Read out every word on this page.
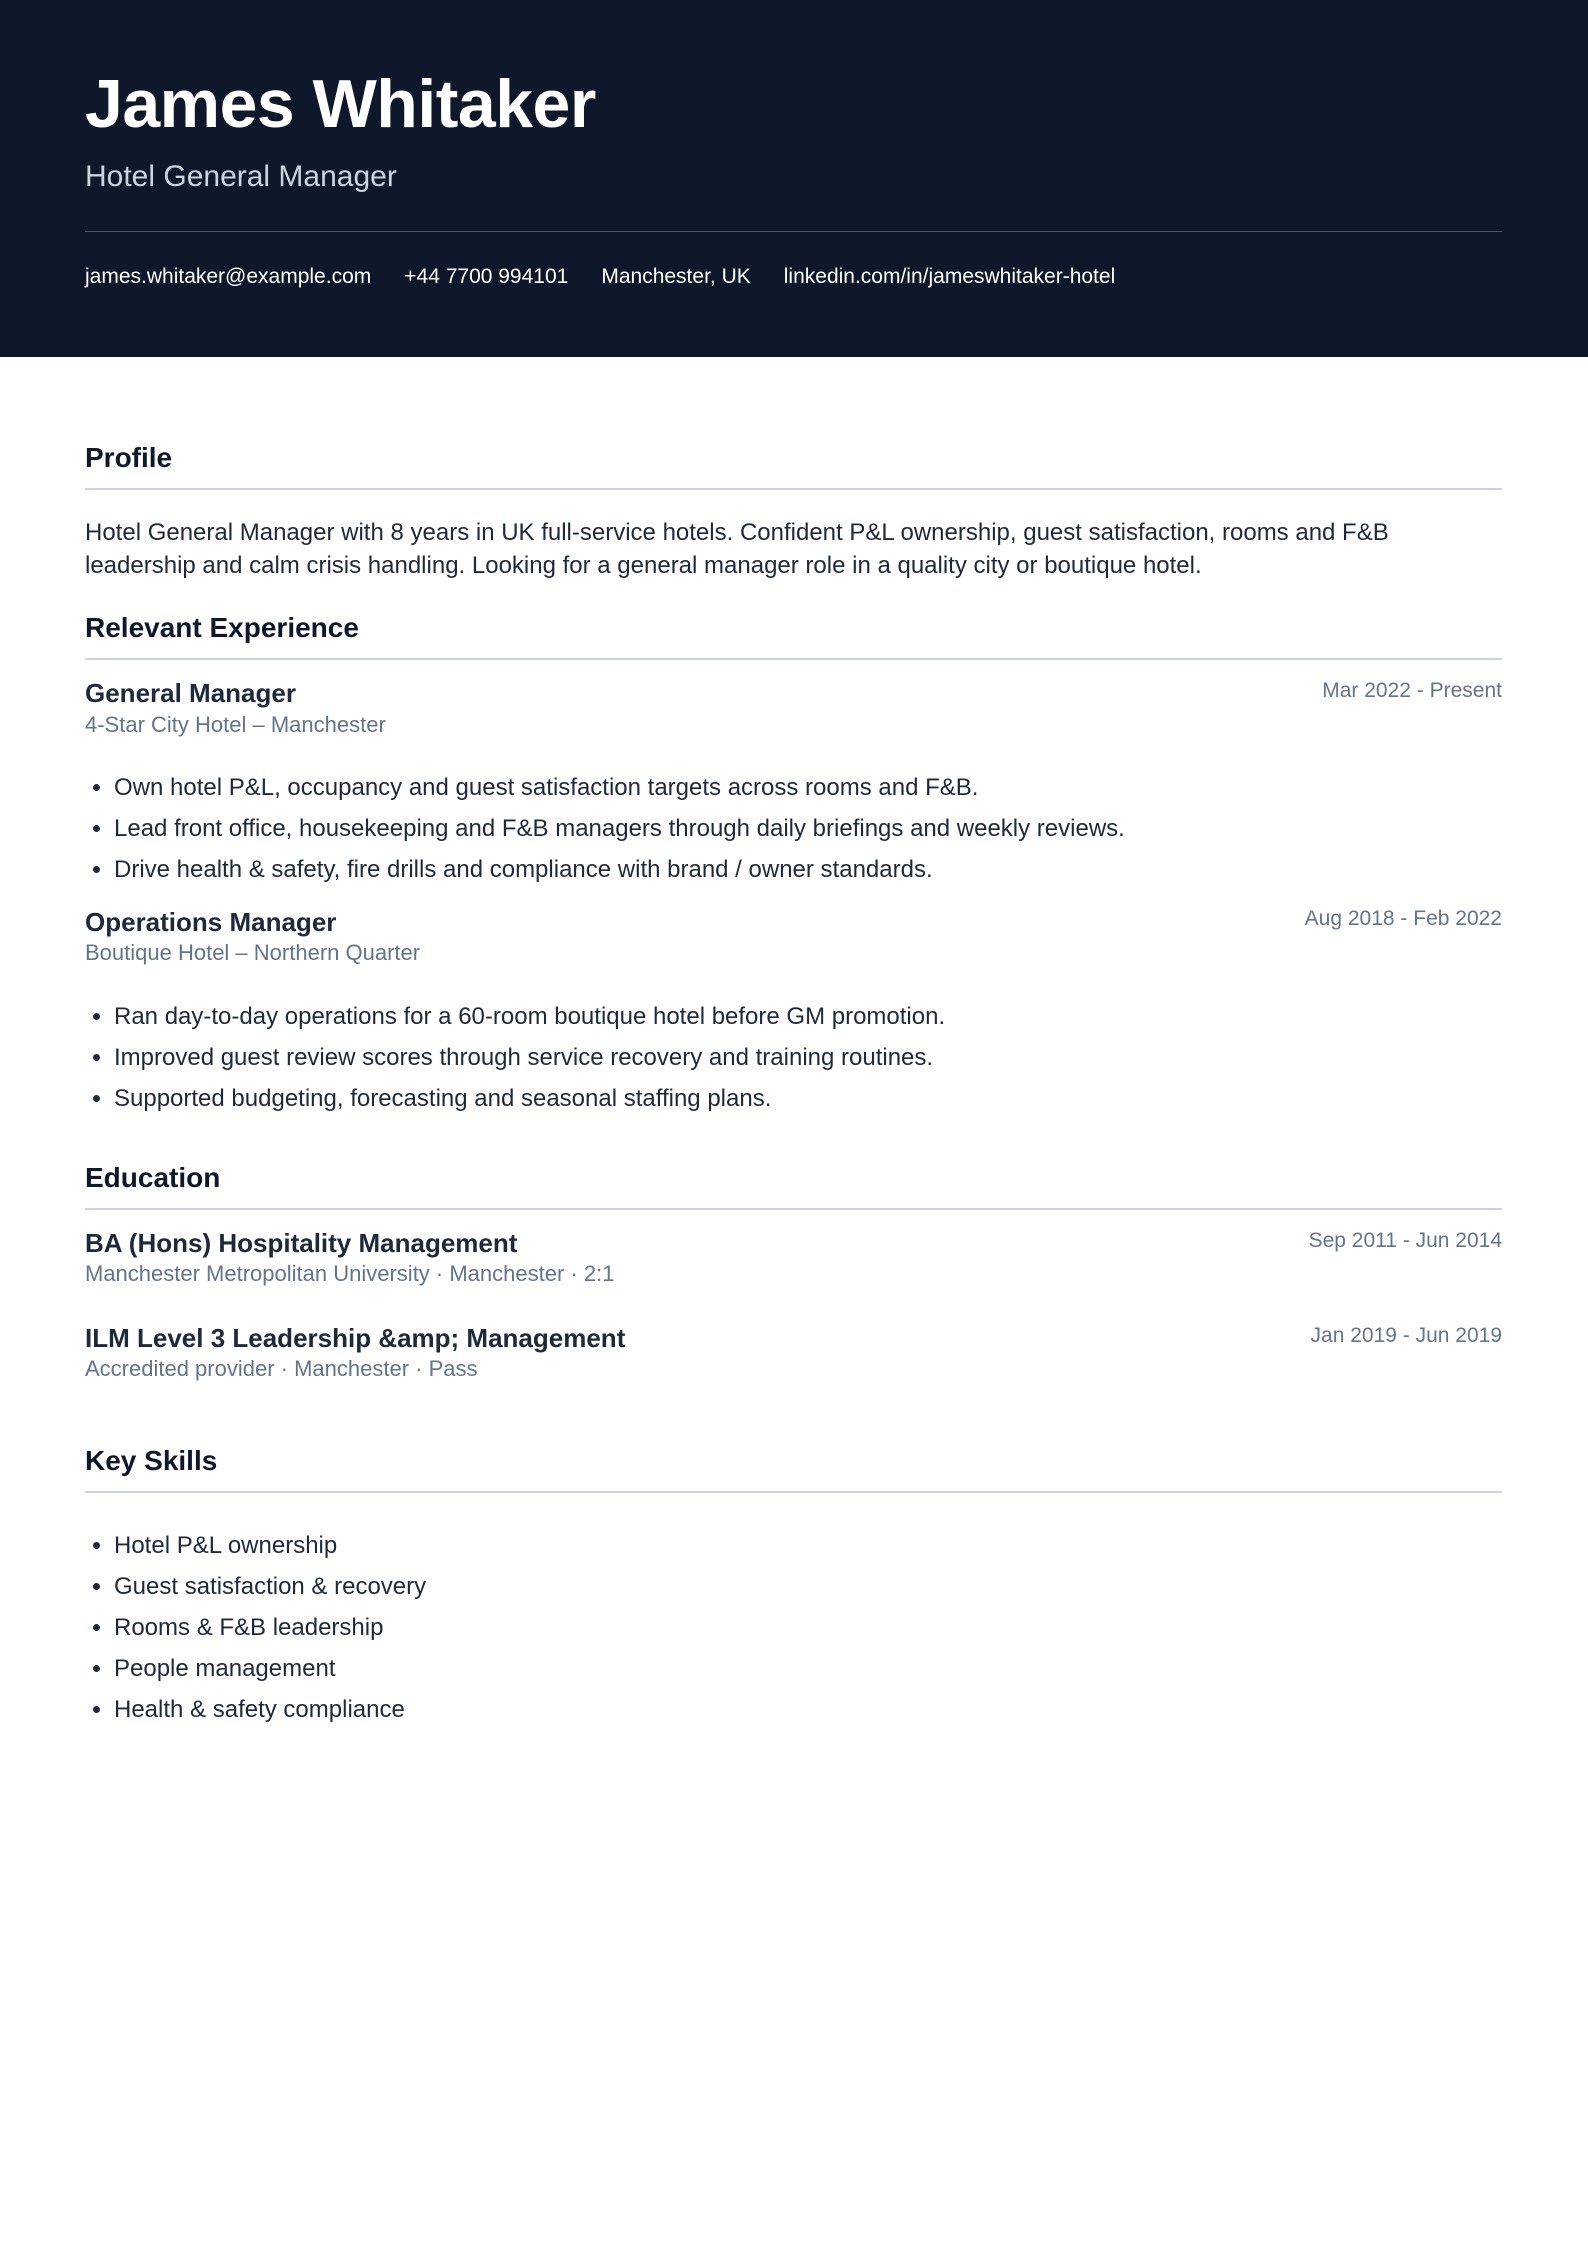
James Whitaker
Hotel General Manager
james.whitaker@example.com +44 7700 994101 Manchester, UK linkedin.com/in/jameswhitaker-hotel
Profile

Hotel General Manager with 8 years in UK full-service hotels. Confident P&L ownership, guest satisfaction, rooms and F&B leadership and calm crisis handling. Looking for a general manager role in a quality city or boutique hotel.

Relevant Experience
General Manager	Mar 2022 - Present
4-Star City Hotel – Manchester
• Own hotel P&L, occupancy and guest satisfaction targets across rooms and F&B.
• Lead front office, housekeeping and F&B managers through daily briefings and weekly reviews.
• Drive health & safety, fire drills and compliance with brand / owner standards.
Operations Manager	Aug 2018 - Feb 2022
Boutique Hotel – Northern Quarter
• Ran day-to-day operations for a 60-room boutique hotel before GM promotion.
• Improved guest review scores through service recovery and training routines.
• Supported budgeting, forecasting and seasonal staffing plans.
Education
BA (Hons) Hospitality Management	Sep 2011 - Jun 2014
Manchester Metropolitan University · Manchester · 2:1
ILM Level 3 Leadership &amp; Management	Jan 2019 - Jun 2019
Accredited provider · Manchester · Pass
Key Skills
• Hotel P&L ownership
• Guest satisfaction & recovery
• Rooms & F&B leadership
• People management
• Health & safety compliance
